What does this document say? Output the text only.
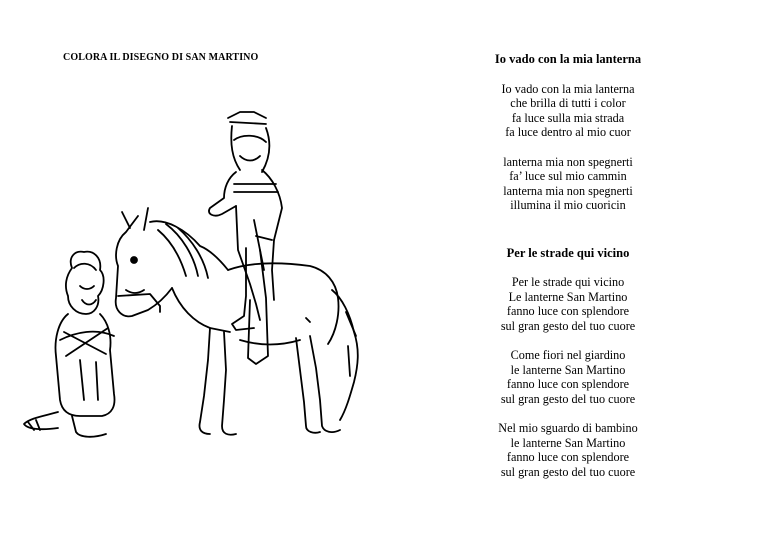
COLORA IL DISEGNO DI SAN MARTINO	Io vado con la mia lanterna

Io vado con la mia lanterna
che brilla di tutti i color
fa luce sulla mia strada
fa luce dentro al mio cuor

lanterna mia non spegnerti
fa’ luce sul mio cammin
lanterna mia non spegnerti
illumina il mio cuoricin

Per le strade qui vicino

Per le strade qui vicino
Le lanterne San Martino
fanno luce con splendore
sul gran gesto del tuo cuore

Come fiori nel giardino
le lanterne San Martino
fanno luce con splendore
sul gran gesto del tuo cuore

Nel mio sguardo di bambino
le lanterne San Martino
fanno luce con splendore
sul gran gesto del tuo cuore
